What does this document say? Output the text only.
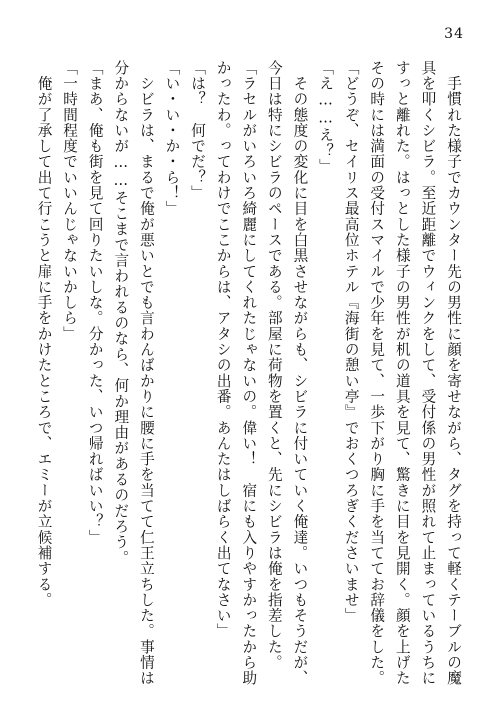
34
　手慣れた様子でカウンター先の男性に顔を寄せながら、タグを持って軽くテーブルの魔
具を叩くシビラ。至近距離でウィンクをして、受付係の男性が照れて止まっているうちに
すっと離れた。はっとした様子の男性が机の道具を見て、驚きに目を見開く。顔を上げた
その時には満面の受付スマイルで少年を見て、一歩下がり胸に手を当ててお辞儀をした。
「どうぞ、セイリス最高位ホテル『海街の憩い亭』でおくつろぎくださいませ」
「え……え？」
　その態度の変化に目を白黒させながらも、シビラに付いていく俺達。いつもそうだが、
今日は特にシビラのペースである。部屋に荷物を置くと、先にシビラは俺を指差した。
「ラセルがいろいろ綺麗にしてくれたじゃないの。偉い！　宿にも入りやすかったから助
かったわ。ってわけでここからは、アタシの出番。あんたはしばらく出てなさい」
「は？　何でだ？」
「い・い・か・ら！」
　シビラは、まるで俺が悪いとでも言わんばかりに腰に手を当てて仁王立ちした。事情は
分からないが……そこまで言われるのなら、何か理由があるのだろう。
「まあ、俺も街を見て回りたいしな。分かった、いつ帰ればいい？」
「一時間程度でいいんじゃないかしら」
　俺が了承して出て行こうと扉に手をかけたところで、エミーが立候補する。
